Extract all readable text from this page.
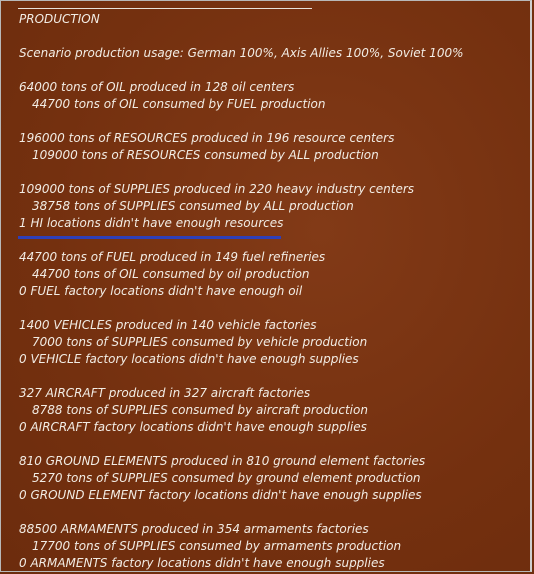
PRODUCTION
Scenario production usage: German 100%, Axis Allies 100%, Soviet 100%
64000 tons of OIL produced in 128 oil centers
44700 tons of OIL consumed by FUEL production
196000 tons of RESOURCES produced in 196 resource centers
109000 tons of RESOURCES consumed by ALL production
109000 tons of SUPPLIES produced in 220 heavy industry centers
38758 tons of SUPPLIES consumed by ALL production
1 HI locations didn't have enough resources
44700 tons of FUEL produced in 149 fuel refineries
44700 tons of OIL consumed by oil production
0 FUEL factory locations didn't have enough oil
1400 VEHICLES produced in 140 vehicle factories
7000 tons of SUPPLIES consumed by vehicle production
0 VEHICLE factory locations didn't have enough supplies
327 AIRCRAFT produced in 327 aircraft factories
8788 tons of SUPPLIES consumed by aircraft production
0 AIRCRAFT factory locations didn't have enough supplies
810 GROUND ELEMENTS produced in 810 ground element factories
5270 tons of SUPPLIES consumed by ground element production
0 GROUND ELEMENT factory locations didn't have enough supplies
88500 ARMAMENTS produced in 354 armaments factories
17700 tons of SUPPLIES consumed by armaments production
0 ARMAMENTS factory locations didn't have enough supplies
